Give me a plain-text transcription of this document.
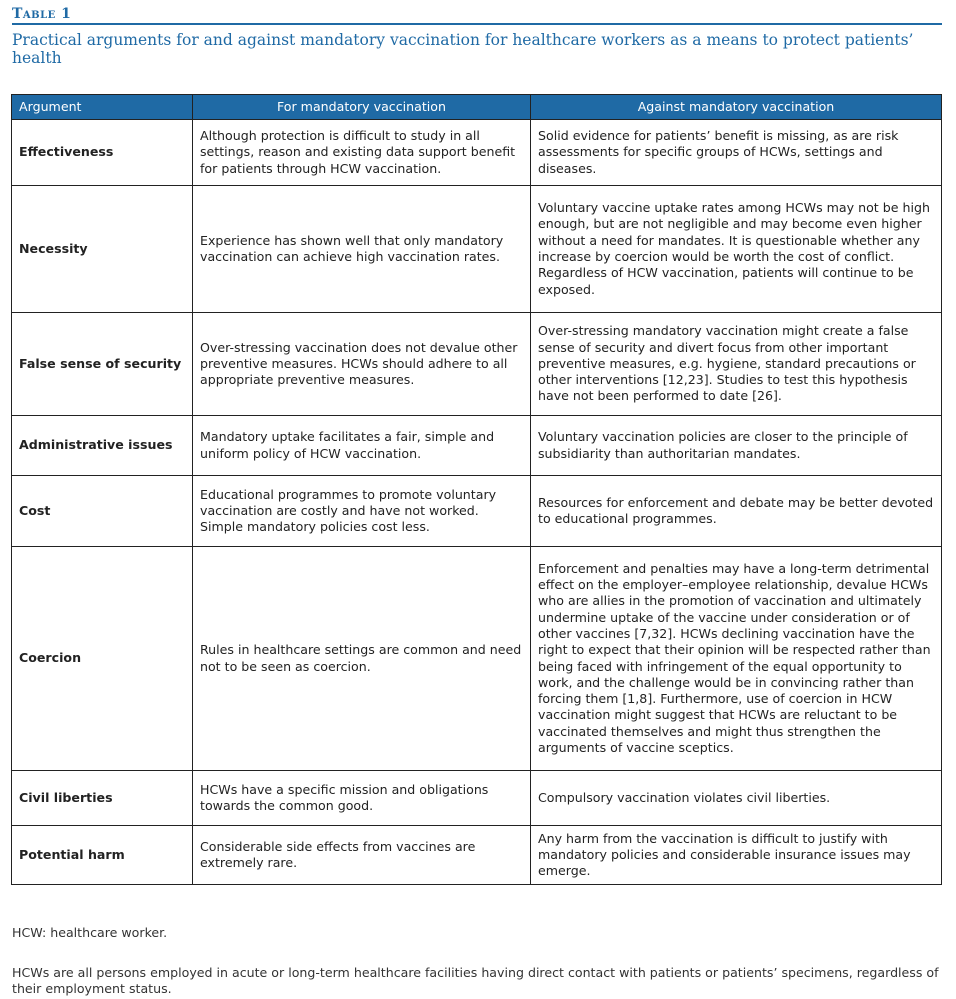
Table 1
Practical arguments for and against mandatory vaccination for healthcare workers as a means to protect patients’ health
Argument	For mandatory vaccination	Against mandatory vaccination
Effectiveness	Although protection is difficult to study in all settings, reason and existing data support benefit for patients through HCW vaccination.	Solid evidence for patients’ benefit is missing, as are risk assessments for specific groups of HCWs, settings and diseases.
Necessity	Experience has shown well that only mandatory vaccination can achieve high vaccination rates.	Voluntary vaccine uptake rates among HCWs may not be high enough, but are not negligible and may become even higher without a need for mandates. It is questionable whether any increase by coercion would be worth the cost of conflict. Regardless of HCW vaccination, patients will continue to be exposed.
False sense of security	Over-stressing vaccination does not devalue other preventive measures. HCWs should adhere to all appropriate preventive measures.	Over-stressing mandatory vaccination might create a false sense of security and divert focus from other important preventive measures, e.g. hygiene, standard precautions or other interventions [12,23]. Studies to test this hypothesis have not been performed to date [26].
Administrative issues	Mandatory uptake facilitates a fair, simple and uniform policy of HCW vaccination.	Voluntary vaccination policies are closer to the principle of subsidiarity than authoritarian mandates.
Cost	Educational programmes to promote voluntary vaccination are costly and have not worked. Simple mandatory policies cost less.	Resources for enforcement and debate may be better devoted to educational programmes.
Coercion	Rules in healthcare settings are common and need not to be seen as coercion.	Enforcement and penalties may have a long-term detrimental effect on the employer–employee relationship, devalue HCWs who are allies in the promotion of vaccination and ultimately undermine uptake of the vaccine under consideration or of other vaccines [7,32]. HCWs declining vaccination have the right to expect that their opinion will be respected rather than being faced with infringement of the equal opportunity to work, and the challenge would be in convincing rather than forcing them [1,8]. Furthermore, use of coercion in HCW vaccination might suggest that HCWs are reluctant to be vaccinated themselves and might thus strengthen the arguments of vaccine sceptics.
Civil liberties	HCWs have a specific mission and obligations towards the common good.	Compulsory vaccination violates civil liberties.
Potential harm	Considerable side effects from vaccines are extremely rare.	Any harm from the vaccination is difficult to justify with mandatory policies and considerable insurance issues may emerge.
HCW: healthcare worker.
HCWs are all persons employed in acute or long-term healthcare facilities having direct contact with patients or patients’ specimens, regardless of their employment status.
